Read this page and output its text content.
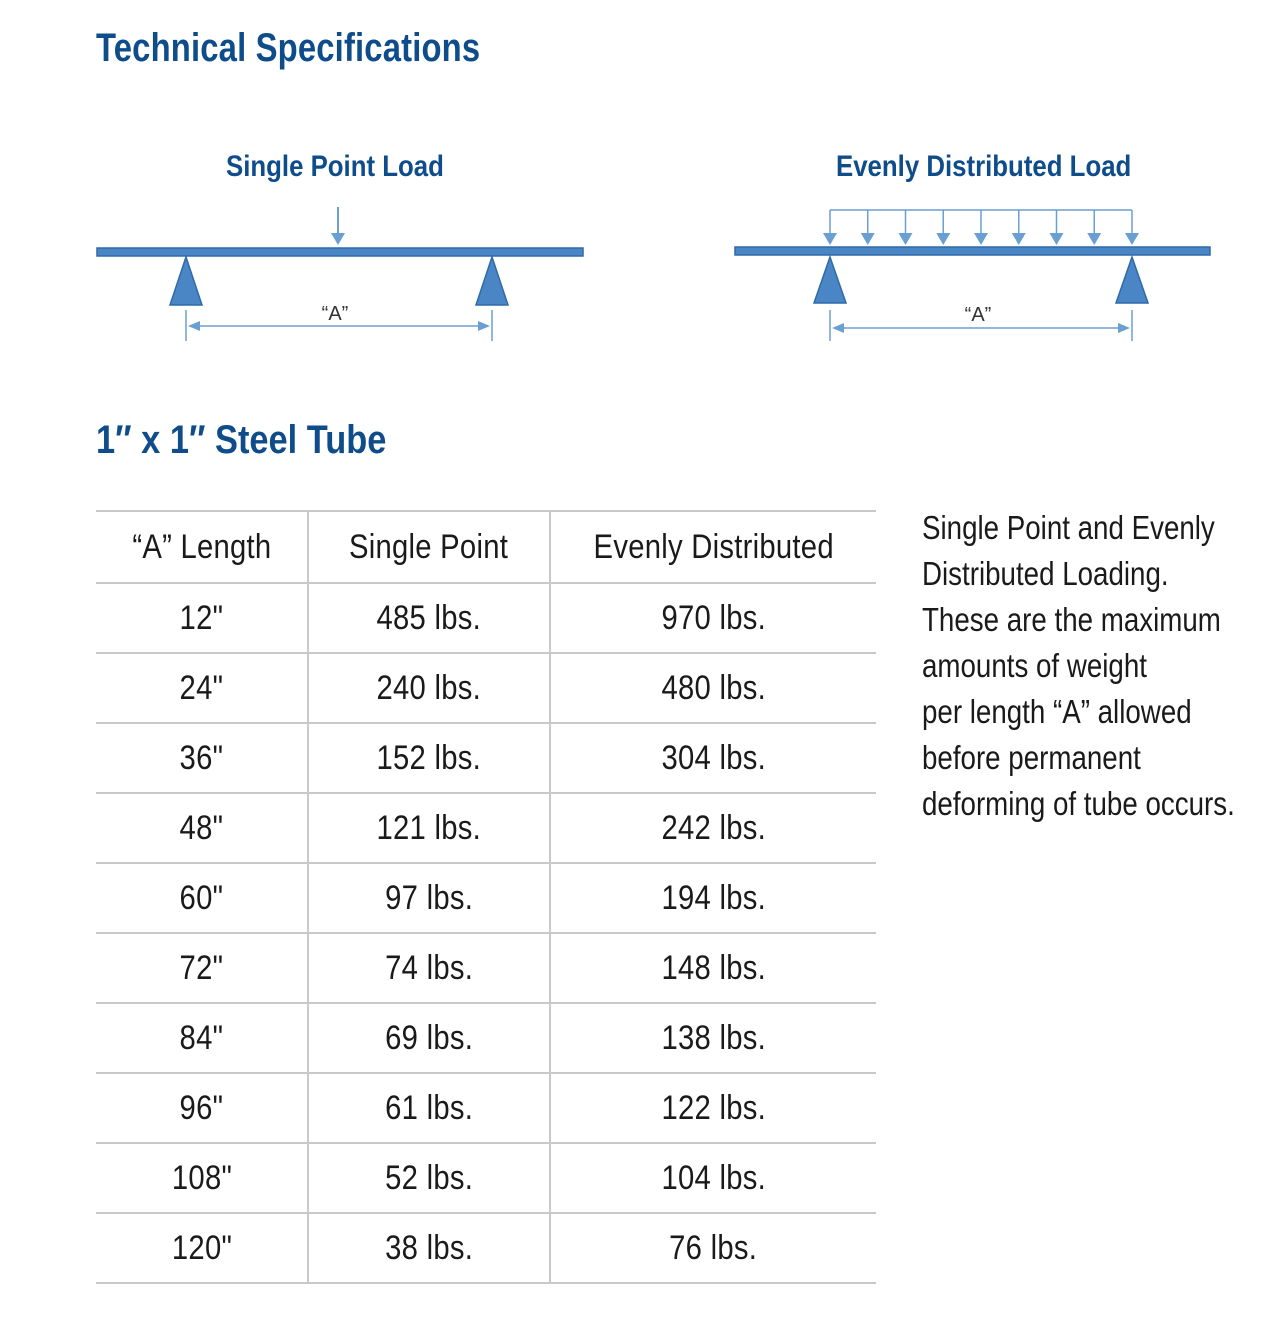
Technical Specifications
Single Point Load
“A”
Evenly Distributed Load
“A”
1″ x 1″ Steel Tube
“A” Length	Single Point	Evenly Distributed
12"	485 lbs.	970 lbs.
24"	240 lbs.	480 lbs.
36"	152 lbs.	304 lbs.
48"	121 lbs.	242 lbs.
60"	97 lbs.	194 lbs.
72"	74 lbs.	148 lbs.
84"	69 lbs.	138 lbs.
96"	61 lbs.	122 lbs.
108"	52 lbs.	104 lbs.
120"	38 lbs.	76 lbs.

Single Point and Evenly
Distributed Loading.
These are the maximum
amounts of weight
per length “A” allowed
before permanent
deforming of tube occurs.
